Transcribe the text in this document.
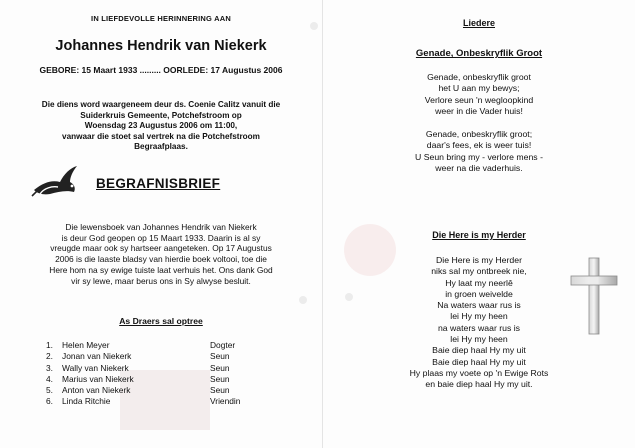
IN LIEFDEVOLLE HERINNERING AAN
Johannes Hendrik van Niekerk
GEBORE: 15 Maart 1933 ......... OORLEDE: 17 Augustus 2006
Die diens word waargeneem deur ds. Coenie Calitz vanuit die
Suiderkruis Gemeente, Potchefstroom op
Woensdag 23 Augustus 2006 om 11:00,
vanwaar die stoet sal vertrek na die Potchefstroom
Begraafplaas.
BEGRAFNISBRIEF
Die lewensboek van Johannes Hendrik van Niekerk
is deur God geopen op 15 Maart 1933. Daarin is al sy
vreugde maar ook sy hartseer aangeteken. Op 17 Augustus
2006 is die laaste bladsy van hierdie boek voltooi, toe die
Here hom na sy ewige tuiste laat verhuis het. Ons dank God
vir sy lewe, maar berus ons in Sy alwyse besluit.
As Draers sal optree
1. Helen Meyer	Dogter
2. Jonan van Niekerk	Seun
3. Wally van Niekerk	Seun
4. Marius van Niekerk	Seun
5. Anton van Niekerk	Seun
6. Linda Ritchie	Vriendin
Liedere
Genade, Onbeskryflik Groot
Genade, onbeskryflik groot
het U aan my bewys;
Verlore seun 'n wegloopkind
weer in die Vader huis!
Genade, onbeskryflik groot;
daar's fees, ek is weer tuis!
U Seun bring my - verlore mens -
weer na die vaderhuis.
Die Here is my Herder
Die Here is my Herder
niks sal my ontbreek nie,
Hy laat my neerlê
in groen weivelde
Na waters waar rus is
lei Hy my heen
na waters waar rus is
lei Hy my heen
Baie diep haal Hy my uit
Baie diep haal Hy my uit
Hy plaas my voete op 'n Ewige Rots
en baie diep haal Hy my uit.
